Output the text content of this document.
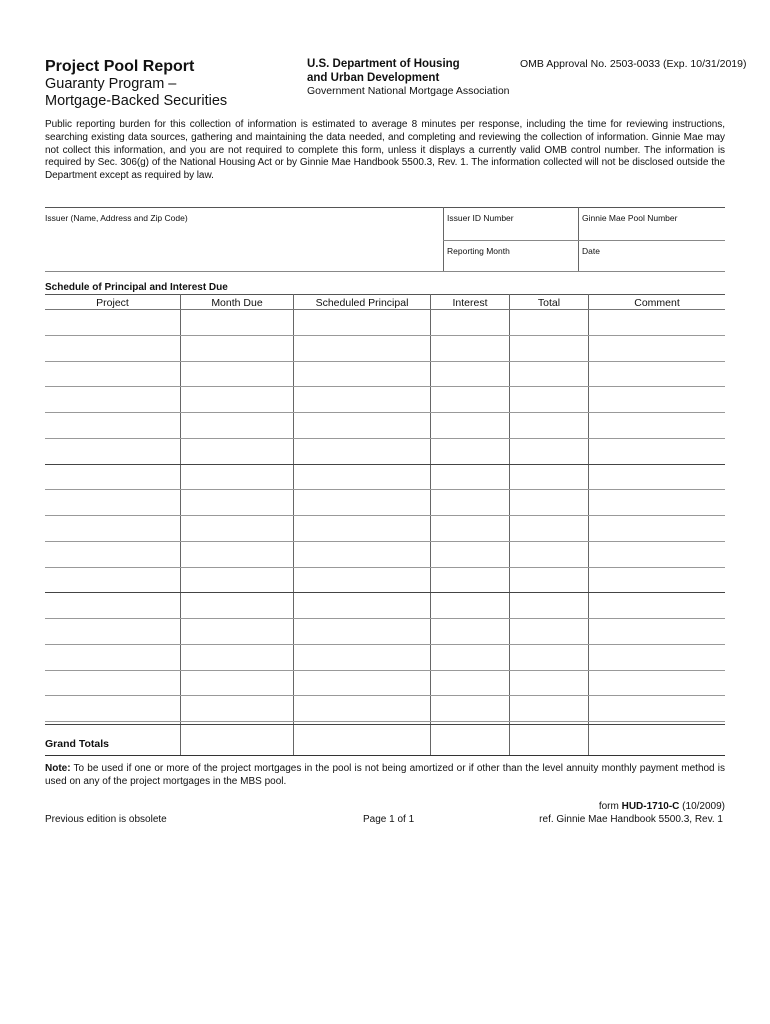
Project Pool Report
Guaranty Program –
Mortgage-Backed Securities
U.S. Department of Housing
and Urban Development
Government National Mortgage Association
OMB Approval No. 2503-0033 (Exp. 10/31/2019)
Public reporting burden for this collection of information is estimated to average 8 minutes per response, including the time for reviewing instructions, searching existing data sources, gathering and maintaining the data needed, and completing and reviewing the collection of information. Ginnie Mae may not collect this information, and you are not required to complete this form, unless it displays a currently valid OMB control number. The information is required by Sec. 306(g) of the National Housing Act or by Ginnie Mae Handbook 5500.3, Rev. 1. The information collected will not be disclosed outside the Department except as required by law.
Issuer (Name, Address and Zip Code)	Issuer ID Number	Ginnie Mae Pool Number
Reporting Month	Date
Schedule of Principal and Interest Due
Project	Month Due	Scheduled Principal	Interest	Total	Comment
Grand Totals
Note: To be used if one or more of the project mortgages in the pool is not being amortized or if other than the level annuity monthly payment method is used on any of the project mortgages in the MBS pool.
Previous edition is obsolete	Page 1 of 1
form HUD-1710-C (10/2009)
ref. Ginnie Mae Handbook 5500.3, Rev. 1
